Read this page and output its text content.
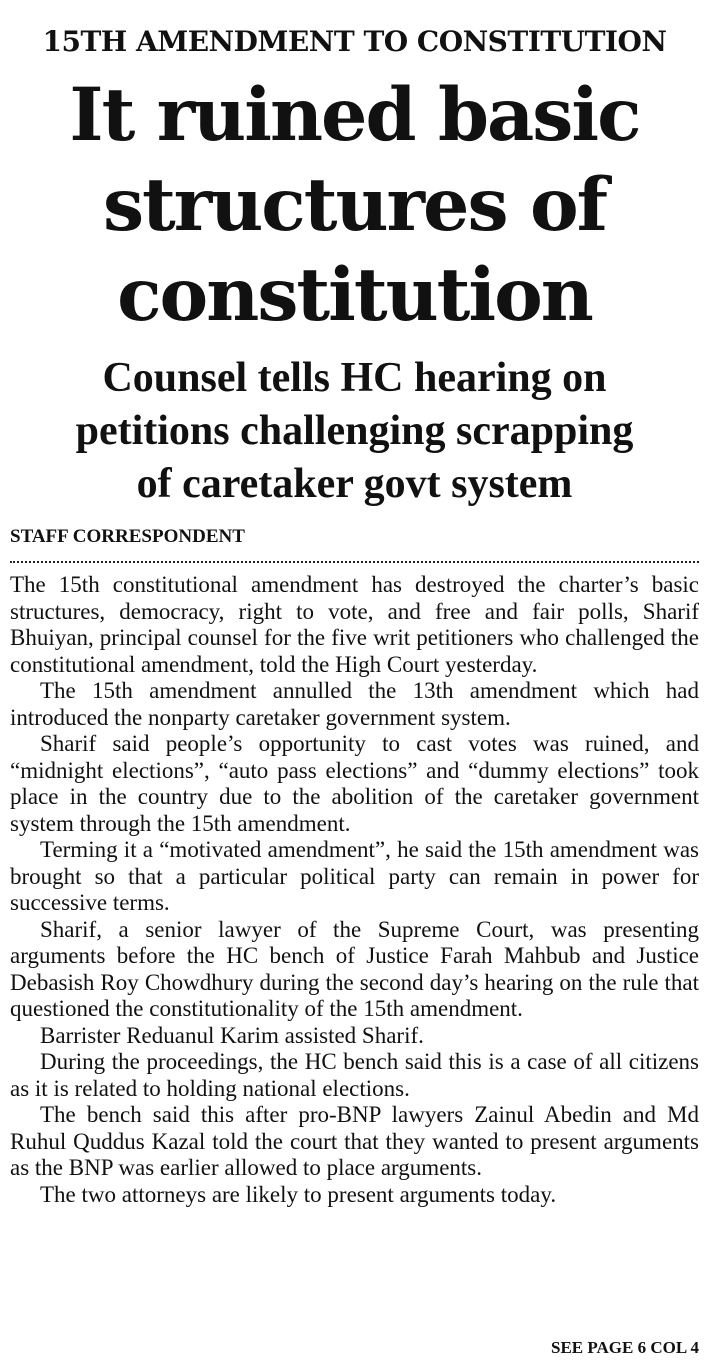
15TH AMENDMENT TO CONSTITUTION
It ruined basic
structures of
constitution
Counsel tells HC hearing on
petitions challenging scrapping
of caretaker govt system
STAFF CORRESPONDENT

The 15th constitutional amendment has destroyed the charter’s basic structures, democracy, right to vote, and free and fair polls, Sharif Bhuiyan, principal counsel for the five writ petitioners who challenged the constitutional amendment, told the High Court yesterday.

The 15th amendment annulled the 13th amendment which had introduced the nonparty caretaker government system.

Sharif said people’s opportunity to cast votes was ruined, and “midnight elections”, “auto pass elections” and “dummy elections” took place in the country due to the abolition of the caretaker government system through the 15th amendment.

Terming it a “motivated amendment”, he said the 15th amendment was brought so that a particular political party can remain in power for successive terms.

Sharif, a senior lawyer of the Supreme Court, was presenting arguments before the HC bench of Justice Farah Mahbub and Justice Debasish Roy Chowdhury during the second day’s hearing on the rule that questioned the constitutionality of the 15th amendment.

Barrister Reduanul Karim assisted Sharif.

During the proceedings, the HC bench said this is a case of all citizens as it is related to holding national elections.

The bench said this after pro-BNP lawyers Zainul Abedin and Md Ruhul Quddus Kazal told the court that they wanted to present arguments as the BNP was earlier allowed to place arguments.

The two attorneys are likely to present arguments today.

SEE PAGE 6 COL 4
